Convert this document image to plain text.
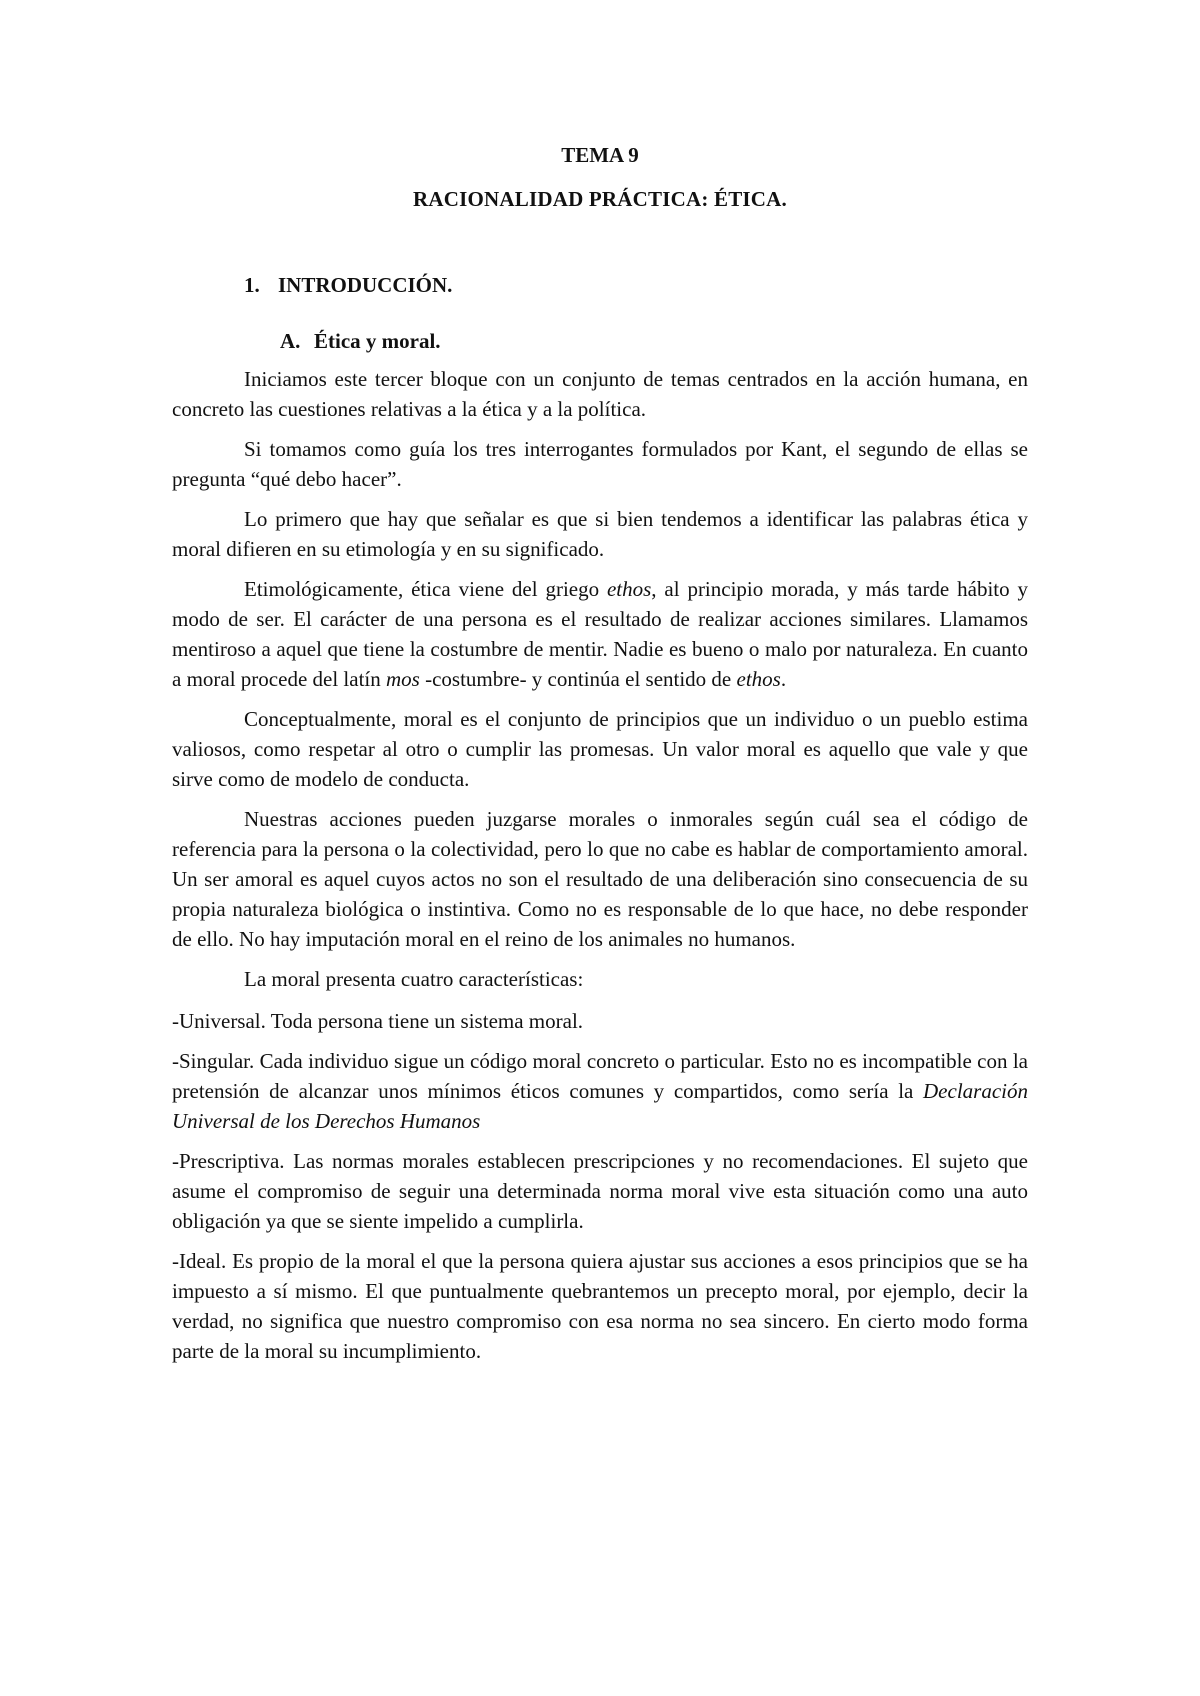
TEMA 9

RACIONALIDAD PRÁCTICA: ÉTICA.

1. INTRODUCCIÓN.

A. Ética y moral.

Iniciamos este tercer bloque con un conjunto de temas centrados en la acción humana, en concreto las cuestiones relativas a la ética y a la política.

Si tomamos como guía los tres interrogantes formulados por Kant, el segundo de ellas se pregunta “qué debo hacer”.

Lo primero que hay que señalar es que si bien tendemos a identificar las palabras ética y moral difieren en su etimología y en su significado.

Etimológicamente, ética viene del griego ethos, al principio morada, y más tarde hábito y modo de ser. El carácter de una persona es el resultado de realizar acciones similares. Llamamos mentiroso a aquel que tiene la costumbre de mentir. Nadie es bueno o malo por naturaleza. En cuanto a moral procede del latín mos -costumbre- y continúa el sentido de ethos.

Conceptualmente, moral es el conjunto de principios que un individuo o un pueblo estima valiosos, como respetar al otro o cumplir las promesas. Un valor moral es aquello que vale y que sirve como de modelo de conducta.

Nuestras acciones pueden juzgarse morales o inmorales según cuál sea el código de referencia para la persona o la colectividad, pero lo que no cabe es hablar de comportamiento amoral. Un ser amoral es aquel cuyos actos no son el resultado de una deliberación sino consecuencia de su propia naturaleza biológica o instintiva. Como no es responsable de lo que hace, no debe responder de ello. No hay imputación moral en el reino de los animales no humanos.

La moral presenta cuatro características:

-Universal. Toda persona tiene un sistema moral.

-Singular. Cada individuo sigue un código moral concreto o particular. Esto no es incompatible con la pretensión de alcanzar unos mínimos éticos comunes y compartidos, como sería la Declaración Universal de los Derechos Humanos

-Prescriptiva. Las normas morales establecen prescripciones y no recomendaciones. El sujeto que asume el compromiso de seguir una determinada norma moral vive esta situación como una auto obligación ya que se siente impelido a cumplirla.

-Ideal. Es propio de la moral el que la persona quiera ajustar sus acciones a esos principios que se ha impuesto a sí mismo. El que puntualmente quebrantemos un precepto moral, por ejemplo, decir la verdad, no significa que nuestro compromiso con esa norma no sea sincero. En cierto modo forma parte de la moral su incumplimiento.
